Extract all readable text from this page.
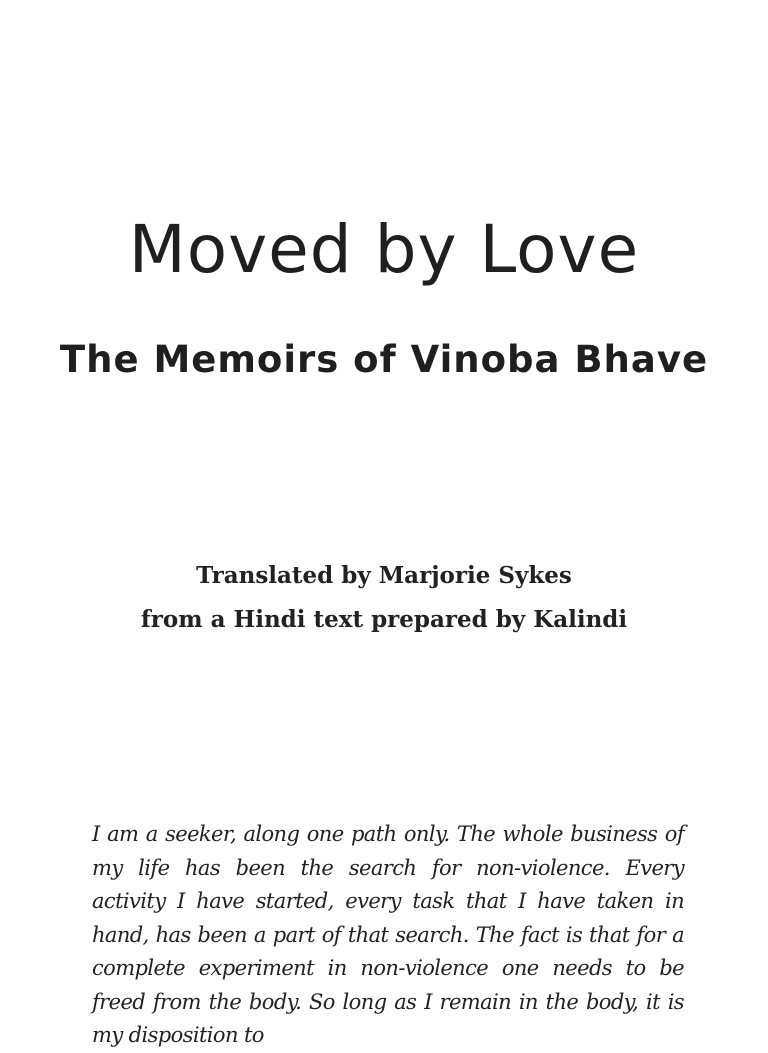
Moved by Love
The Memoirs of Vinoba Bhave

Translated by Marjorie Sykes

from a Hindi text prepared by Kalindi

I am a seeker, along one path only. The whole business of my life has been the search for non-violence. Every activity I have started, every task that I have taken in hand, has been a part of that search. The fact is that for a complete experiment in non-violence one needs to be freed from the body. So long as I remain in the body, it is my disposition to
